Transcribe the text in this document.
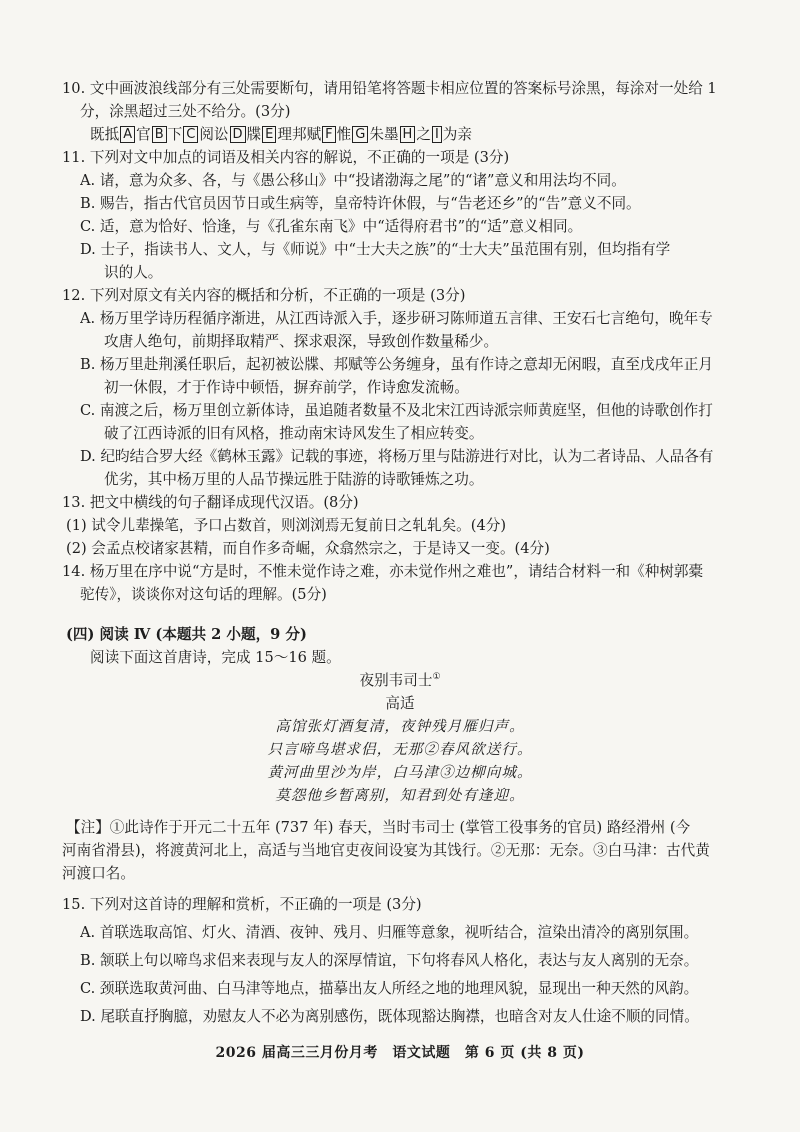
10. 文中画波浪线部分有三处需要断句，请用铅笔将答题卡相应位置的答案标号涂黑，每涂对一处给 1
分，涂黑超过三处不给分。(3分)
既抵 A 官 B 下 C 阅讼 D 牒 E 理邦赋 F 惟 G 朱墨 H 之 I 为亲
11. 下列对文中加点的词语及相关内容的解说，不正确的一项是 (3分)
A. 诸，意为众多、各，与《愚公移山》中“投诸渤海之尾”的“诸”意义和用法均不同。
B. 赐告，指古代官员因节日或生病等，皇帝特许休假，与“告老还乡”的“告”意义不同。
C. 适，意为恰好、恰逢，与《孔雀东南飞》中“适得府君书”的“适”意义相同。
D. 士子，指读书人、文人，与《师说》中“士大夫之族”的“士大夫”虽范围有别，但均指有学
识的人。
12. 下列对原文有关内容的概括和分析，不正确的一项是 (3分)
A. 杨万里学诗历程循序渐进，从江西诗派入手，逐步研习陈师道五言律、王安石七言绝句，晚年专
攻唐人绝句，前期择取精严、探求艰深，导致创作数量稀少。
B. 杨万里赴荆溪任职后，起初被讼牒、邦赋等公务缠身，虽有作诗之意却无闲暇，直至戊戌年正月
初一休假，才于作诗中顿悟，摒弃前学，作诗愈发流畅。
C. 南渡之后，杨万里创立新体诗，虽追随者数量不及北宋江西诗派宗师黄庭坚，但他的诗歌创作打
破了江西诗派的旧有风格，推动南宋诗风发生了相应转变。
D. 纪昀结合罗大经《鹤林玉露》记载的事迹，将杨万里与陆游进行对比，认为二者诗品、人品各有
优劣，其中杨万里的人品节操远胜于陆游的诗歌锤炼之功。
13. 把文中横线的句子翻译成现代汉语。(8分)
(1) 试令儿辈操笔，予口占数首，则浏浏焉无复前日之轧轧矣。(4分)
(2) 会孟点校诸家甚精，而自作多奇崛，众翕然宗之，于是诗又一变。(4分)
14. 杨万里在序中说“方是时，不惟未觉作诗之难，亦未觉作州之难也”，请结合材料一和《种树郭橐
驼传》，谈谈你对这句话的理解。(5分)
(四) 阅读 Ⅳ (本题共 2 小题，9 分)
阅读下面这首唐诗，完成 15～16 题。
夜别韦司士①
高适
高馆张灯酒复清，夜钟残月雁归声。
只言啼鸟堪求侣，无那②春风欲送行。
黄河曲里沙为岸，白马津③边柳向城。
莫怨他乡暂离别，知君到处有逢迎。
【注】①此诗作于开元二十五年 (737 年) 春天，当时韦司士 (掌管工役事务的官员) 路经滑州 (今
河南省滑县)，将渡黄河北上，高适与当地官吏夜间设宴为其饯行。②无那：无奈。③白马津：古代黄
河渡口名。
15. 下列对这首诗的理解和赏析，不正确的一项是 (3分)
A. 首联选取高馆、灯火、清酒、夜钟、残月、归雁等意象，视听结合，渲染出清冷的离别氛围。
B. 颔联上句以啼鸟求侣来表现与友人的深厚情谊，下句将春风人格化，表达与友人离别的无奈。
C. 颈联选取黄河曲、白马津等地点，描摹出友人所经之地的地理风貌，显现出一种天然的风韵。
D. 尾联直抒胸臆，劝慰友人不必为离别感伤，既体现豁达胸襟，也暗含对友人仕途不顺的同情。
2026 届高三三月份月考　语文试题　第 6 页 (共 8 页)
